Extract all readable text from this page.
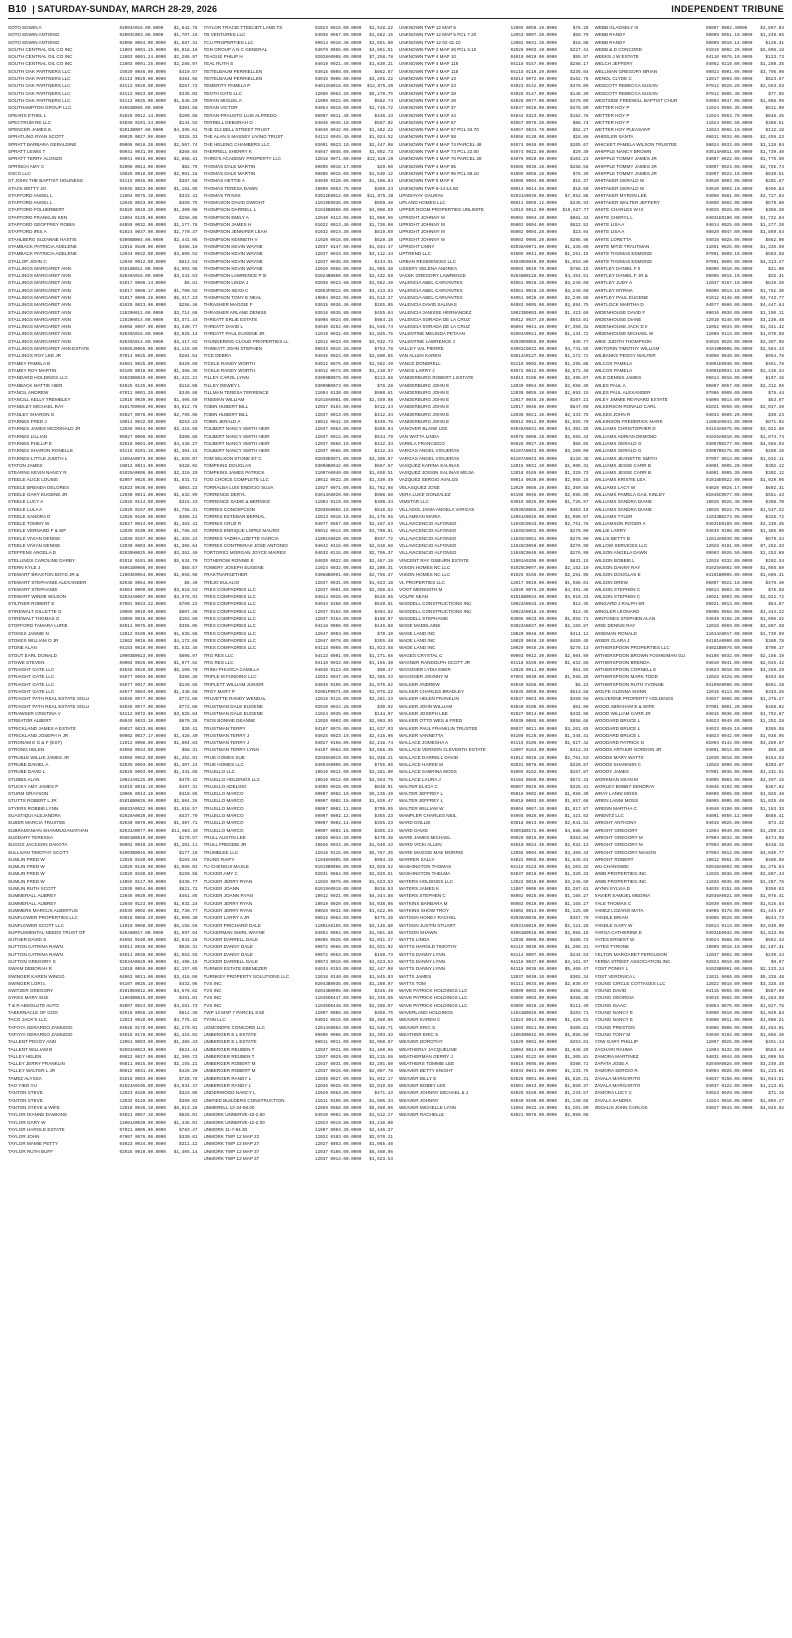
B10 | SATURDAY-SUNDAY, MARCH 28-29, 2026	INDEPENDENT TRIBUNE
SOTO EDWIN A	02004A016.00.0000	$1,642.78
SOTO EDWIN ANTONIO	02003C003.00.0000	$1,707.16
SOTO EDWIN ANTONIO	02008 0054.00.0000	$1,687.41
SOUTH CENTRAL OIL CO INC	11003 0001.15.0000	$6,018.16
SOUTH CENTRAL OIL CO INC	11003 0001.24.0000	$2,286.97
SOUTH CENTRAL OIL CO INC	11003 0001.25.0000	$2,286.97
SOUTH OAK PARTNERS LLC	15020 0046.00.0000	$419.57
SOUTH OAK PARTNERS LLC	04113 0029.00.0000	$484.56
SOUTH OAK PARTNERS LLC	04113 0028.00.0000	$257.72
SOUTH OAK PARTNERS LLC	04113 0023.00.0000	$335.03
SOUTH OAK PARTNERS LLC	04113 0025.00.0000	$1,546.29
SOUTHAMPTON GROUP LLC	04053B066.00.0000	$304.58
SPEARS ETHEL L	01029 0012.14.0000	$100.86
SPECTRUM RE LLC	04030 0101.24.0000	$144.52
SPENCER JAMES E.	02013B007.00.0000	$4,395.61
SPRATLING RYAN SCOTT	09029 0027.00.0000	$328.33
SPRATT BARBARA GERALDINE	09006 0018.20.0000	$2,507.74
SPRATT LEWIS T	09041 0031.00.0000	$368.94
SPRATT TERRY ALONZO	09041 0016.00.0000	$2,868.41
SPRINCH AMY C	02008 0014.00.0000	$82.76
SSCG LLC	15026 0018.00.0000	$2,001.18
ST JOHN THE BAPTIST HOLINESS	04115 0016.00.0000	$387.58
STACK BETTY JO	04045 0023.00.0000	$1,164.95
STAFFORD ANGEL L	11004 0075.10.0000	$333.41
STAFFORD ANGEL L	12045 0023.00.0000	$459.75
STAFFORD FOLHERBERT	01029 0019.20.0000	$1,300.06
STAFFORD FRANKLIN KEN	11004 0125.00.0000	$256.88
STAFFORD GEOFFREY ROBIN	04050 0032.00.0000	$1,177.78
STAFFORD IRIS A	01024 0037.00.0000	$2,770.37
STAHLBERG SUZANNE HASTIE	03008B004.00.0000	$2,441.05
STAMBACK PATRICIA ADELENE	12018 0180.00.0000	$488.10
STAMBACK PATRICIA ADELENE	12044 0032.00.0000	$3,809.52
STALLOP JOHN C	12049 0012.00.0000	$812.54
STALLINGS MARGARET ANN	01018B011.00.0000	$4,903.98
STALLINGS MARGARET ANN	02049A016.00.0000	$3,243.53
STALLINGS MARGARET ANN	01017 0006.14.0000	$5.81
STALLINGS MARGARET ANN	01017 0006.17.0000	$1,700.52
STALLINGS MARGARET ANN	01017 0006.20.0000	$5,317.23
STALLINGS MARGARET ANN	01029 0023.00.0000	$256.46
STALLINGS MARGARET ANN	11020H011.00.0000	$3,714.68
STALLINGS MARGARET ANN	11020H014.00.0000	$3,371.44
STALLINGS MARGARET ANN	04068 0007.00.0000	$4,330.77
STALLINGS MARGARET ANN	02049A016.00.0000	$3,025.14
STALLINGS MARGARET ANN	02049A014.00.0000	$3,417.62
STALLINGS MARGARET ANN ESTATE	04065J0065.00.0000	$4,119.69
STALLINGS ROY LEE JR	07014 0025.00.0000	$284.54
STAMEY PAMELA B	04061 0025.00.0000	$429.69
STAMEY ROY MARTIN	04105 0018.00.0000	$1,368.35
STANDARD HOLDINGS LLC	04033B0019.00.0000	$1,422.21
STANBACK MATTIE HIER	04025 0125.00.0000	$118.08
STANCIL ANDREW	07011 0001.20.0000	$349.86
STANCILL KELLY TREMBLEY	12018 0039.00.0000	$1,406.60
STANDLEY MICHAEL RAY	01017D0050.00.0000	$4,812.76
STANLEY SHARON G	04027 0076.00.0000	$2,795.98
STARNES FRED J	10014 0032.00.0000	$253.23
STARNES JAMES MCDONALD JR	12049 0044.00.0000	$2,416.68
STARNES LILLIAN	06027 0008.00.0000	$308.88
STARNES PHILLIP E	02019 0001.00.0000	$4,438.27
STARNES SHARON RONELLE	04116 0101.16.0000	$1,304.15
STARNES-LITTLE JUDITH L	11004A0073.00.0000	$1,659.07
STATON JAMES	10012 0041.00.0000	$428.02
STEARNS KEVIN NANCY R	01025A0006.00.0000	$2,310.29
STEELE ALICE LOUISE	02007 0026.00.0000	$1,631.72
STEELE BRENDA DELORES	01023 0036.00.0000	$803.22
STEELE GARY EUGENE JR	12030 0011.00.0000	$1,632.99
STEELE LUCY A	12028 0114.00.0000	$315.43
STEELE LULA A	12029 0157.00.0000	$1,756.31
STEELE SANDRA D	12028 0160.00.0000	$408.12
STEELE TOMMY W	02027 0044.00.0000	$1,383.41
STEELE VERNARD F & WF	12039 0109.00.0000	$1,766.83
STEELE VIVIAN DENISE	12030 0167.00.0000	$1,455.24
STEELE VIVIAN DENISE	12030 0003.00.0000	$1,308.64
STEFFENS ANGELA D	02039H0025.00.0000	$3,362.49
STELLINGS CAROLINE DARBY	01018 0101.00.0000	$5,634.70
STERN KYLE J	04061B0006.00.0000	$68.57
STEWART BRAXTON BOYD JR &	11004E0064.00.0000	$1,058.98
STEWART STEPHANIE ALEXANDER	02038 0054.00.0000	$8.49
STEWART STEPHANIE	04064 0099.00.0000	$3,610.53
STEWART WINDE WILSON	02034A0067.00.0000	$3,978.91
STILTNER ROBERT E	07001 0033.22.0000	$700.23
STIREWALT GILLETTE G	10009 0010.00.0000	$607.46
STIREWALT THOMAS G	10009 0016.00.0000	$103.80
STOFFORD TAMARA LURIE	04011 0075.00.0000	$356.05
STOKES JANNIE N	12012 0109.00.0000	$1,635.68
STOKES WILLIAM O JR	12062 0018.00.0000	$4,172.68
STONE ALAN	04153 0019.00.0000	$1,532.48
STOUT EARL DONALD	10003B0023.00.0000	$806.97
STOWE STEVEN	09002 0026.00.0000	$1,977.52
STRAIGHT GATE LLC	04046 0028.00.0000	$6,100.70
STRAIGHT GATE LLC	04077 0003.00.0000	$398.38
STRAIGHT GATE LLC	04077 0017.00.0000	$149.65
STRAIGHT GATE LLC	04077 0004.00.0000	$1,348.58
STRAIGHT PATH REAL ESTATE SOLU	04046 0077.00.0000	$772.08
STRAIGHT PATH REAL ESTATE SOLU	04046 0077.00.0000	$772.08
STRAWSER CRISTINA V	04112 0072.00.0000	$3,625.84
STREATOR ALBERT	08049 0033.10.0000	$670.26
STRICKLAND JAMES A ESTATE	09027 0023.00.0000	$30.41
STRICKLAND JOSEPH H JR	09002 0027.17.0000	$1,428.40
STRONAM E G & F (EST)	11012 0008.00.0000	$1,804.83
STRONG HELEN	04056 0034.00.0000	$58.31
STRUBLE WILLIE JAMES JR	04056 0052.00.0000	$1,452.91
STRUBE DANIEL A	02035 0003.00.0000	$1,407.24
STRUBE DAVID L	02029 0003.00.0000	$1,341.65
STUBBS ALAN	10021A0125.00.0000	$479.42
STUCKY AMY JAMES P	01019 0018.10.0000	$497.31
STURM GRAYSON	10005 0014.10.0000	$410.65
STUTTS ROBERT L JR	01016B0026.00.0000	$2,804.28
STYERS ROBBIE LYNN	06033A0022.00.0000	$1,616.57
SUASTIQUI ALEJANDRA	02029A0020.00.0000	$437.79
SUBER MARCIA TRUSTEE	02030 0079.00.0000	$1,307.71
SUBRAMANIAN SHANMUGANATHAN	02031A0077.00.0000	$11,083.10
SUDDARY TERESSA	05061B0010.00.0000	$170.57
SUGGS JACKSON DAKOTA	06002 0010.20.0000	$1,201.11
SULLIVAN TIMOTHY SCOTT	02003B0045.00.0000	$177.16
SUMLIN FRED W	12029 0150.00.0000	$103.04
SUMLIN FRED W	12029 0148.00.0000	$2,069.03
SUMLIN FRED W	12029 0150.50.0000	$150.58
SUMLIN FRED W	14055 0117.00.0000	$438.77
SUMLIN RUTH SCOTT	12036 0054.00.0000	$821.72
SUMMERALL AUBREY	12049 0039.00.0000	$461.85
SUMMERALL AUBREY	12049 0123.00.0000	$1,932.24
SUMMERS MARCUS ALBERTUS	04039 0002.00.0000	$2,730.77
SUNFLOWER PROPERTIES LLC	03018 0058.20.0000	$1,000.30
SUNFLOWER SCOTT LLC	11019 0008.00.0000	$6,158.56
SUPPLEMENTAL NEEDS TRUST OF	02048B017.00.0000	$1,997.64
SUTHER DAVID S	04092 0109.00.0000	$2,043.28
SUTTON CATRINA RAWN	04014 0028.00.0000	$928.31
SUTTON CATRINA RAWN	04014 0038.00.0000	$1,083.55
SUTTON GREGORY S	02034A0029.00.0000	$2,498.15
SWAIM DEBORAH R	12010 0050.00.0000	$2,157.05
SWINGER KAREN WINGO	04003 0011.00.0000	$3,416.06
SWINGER LORI L	04107 0025.10.0000	$432.96
SWITZER GREGORY	01019E0012.00.0000	$4,676.62
SYKES MARY SUE	11004B0015.00.0000	$491.01
T & R ABSOLUTE AUTO	02007 0024.00.0000	$4,281.73
TABERNACLE OF GOD	02016 0058.10.0000	$814.36
TACO JACK'S LLC	12023 0028.00.0000	$4,776.42
TAFOYA GERARDO ZAMUDIO	04026 0178.00.0000	$2,270.01
TAFOYA GERARDO ZAMUDIO	04018 0178.00.0000	$2,416.02
TALLENT PEGGY ANN	12051 0003.00.0000	$1,306.43
TALLENT WILLIAM B	02063A0023.00.0000	$624.44
TALLEY HELEN	09022 0027.00.0000	$2,309.73
TALLEY JERRY FRANKLIN	06011 0015.00.0000	$2,155.21
TALLEY WALTER L JR	06012 0031.40.0000	$426.20
TAMEZ ALYSSA	01018 0003.00.0000	$720.78
TAO YIBO YU	01023A0105.00.0000	$4,934.47
TANTON STEVE	12023 0150.00.0000	$323.06
TANTON STEVE	12032 0110.00.0000	$360.02
TANTON STEVE & WIFE	12016 0036.10.0000	$8,813.28
TAYLOR DIANNE DAWKINS	04021 0057.10.0000	$625.01
TAYLOR GARY W	12001A0030.00.0000	$1,445.01
TAYLOR HAROLD ESTATE	07021 0005.00.0000	$783.47
TAYLOR JOHN	07007 0076.00.0000	$330.81
TAYLOR MAMIE PETTY	04023 0034.00.0000	$311.12
TAYLOR RUTH BUFF	02028 0010.00.0000	$1,405.14
TAYLOR TRACIE TTEE/JDT LAND TS	01023 0016.00.0000	$1,528.22
TB VENTURES LLC	04038 0067.00.0000	$1,682.15
TCU PROPERTIES LLC	09014 0018.40.0000	$2,651.98
TDN GROUP A N C GENERAL	04079 0055.00.0000	$3,861.51
TEAGUE PHILIP H	02028A0008.00.0000	$7,258.78
TEAL RUTH S	04019 0021.40.0000	$1,830.21
TEITELBAUM PERRIELLEN	03015 0008.00.0000	$862.87
TEITELBAUM PERRIELLEN	03015 0008.00.0000	$3,455.22
TEMERITY PAMELA P	04013A0018.00.0000	$12,675.85
TENTH GATE LLC	12060 0062.20.0000	$5,270.75
TERAN MIGUEL A	11008 0022.00.0000	$582.74
TERAN VICTOR	04054 0018.00.0000	$1,746.72
TERAN-FRAUSTO LUIS ALFREDO	06007 0011.40.0000	$436.13
TERRELL DEBORAH O	04046 0045.10.0000	$587.02
THE 312 BELL STREET TRUST	04040 0042.00.0000	$1,462.22
THE ALAN S MASSEY LIVING TRUST	04113 0045.40.0000	$1,024.52
THE HELENG CHAMBERS LLC	03001 0023.10.0000	$2,447.08
THERRELL SHERRY K	04047 0046.00.0000	$1,992.73
THIRD'S ACADEMY PROPERTY LLC	12018 0071.00.0000	$12,520.26
THOMAS DALE MARTIN	09005 0018.17.0000	$29.50
THOMAS DALE MARTIN	09005 0015.00.0000	$1,540.12
THOMAS HETTIE A	04040 0220.00.0000	$1,108.84
THOMAS TERESA DAWN	10008 0063.70.0000	$369.24
THOMAS TRAVIS	03012E0012.00.0000	$11,875.28
THOMASON DAVID DWIGHT	11019E0036.00.0000	$659.48
THOMPSON DARRELL L	01019B0050.00.0000	$4,008.59
THOMPSON EMILY A	12040 0113.00.0000	$1,060.56
THOMPSON JAMES H	01022 0013.40.0000	$1,720.08
THOMPSON JENNIFER LEAH	01032 0014.30.0000	$819.69
THOMPSON KENNETH V	11020 0018.00.0000	$629.10
THOMPSON KEVIN WAYNE	12037 0147.00.0000	$1,834.47
THOMPSON KEVIN WAYNE	12037 0034.00.0000	$3,112.44
THOMPSON KEVIN WAYNE	12037 0036.00.0000	$134.01
THOMPSON KEVIN WAYNE	12020 0068.00.0000	$1,065.48
THOMPSON LAWRENCE P III	01024B0000.00.0000	$3,432.58
THOMPSON LINDA J	02038 0023.50.0000	$1,562.49
THOMPSON SEAN C	02053F0012.00.0000	$4,413.83
THOMPSON TONY E NEAL	10004 0032.00.0000	$1,512.27
THRASHER MAGGIE F	03015 0036.40.0000	$265.05
THRASHER ARLANE DENISE	03016 0036.80.0000	$455.64
THREATT ERLIE ESTATE	04008 0024.00.0000	$984.15
THREATT DAVID L	04040 0252.00.0000	$1,548.74
THREATT PAUL EUGENE JR	11019 0032.00.0000	$1,845.75
THUNDERING CLOUD PROPERTIES LL	12012 0033.00.0000	$3,932.73
THWEATT JOHN STEPHEN	05033 0016.20.0000	$753.78
TICE DEBRA	04045 0024.00.0000	$3,600.85
TICKLE RANDY WORTH	04012 0076.00.0000	$1,562.49
TICKLE RANDY WORTH	04012 0074.00.0000	$1,210.57
TILLEY CAROL LYNN	03009B0075.00.0000	$213.88
TILLEY DEWEY L	03009B0073.00.0000	$78.28
TILLMAN TERESA TERRENCE	11004 0130.00.0000	$980.61
TINSMAN WILLIAM	01018A0081.00.0000	$2,459.08
TOBIN HUBERT BILL	12037 0154.00.0000	$412.34
TOBIN HUBERT BILL	12037 0013.00.0000	$412.34
TOBIN JERALD A	10012 0042.20.0000	$349.76
TOLBERT NANCY SMITH HEIR	12037 0063.00.0000	$288.64
TOLBERT NANCY SMITH HEIR	12037 0012.00.0000	$534.79
TOLBERT NANCY SMITH HEIR	12037 0068.10.0000	$412.34
TOLBERT NANCY SMITH HEIR	12037 0065.00.0000	$412.34
TOM WILSON STONE ET C	02039E0071.00.0000	$3,306.67
TOMPKINS DOUGLAS	03008B0042.00.0000	$687.57
TOMPKINS JAMES PATRICK	11007A0040.00.0000	$1,650.51
TOO CHOICE COMPLETE LLC	10012 0022.30.0000	$1,330.49
TORRALBA LUIS ENDICIO SILVA	12027 0071.00.0000	$1,762.98
TORRENCE DERYL	04014A0020.00.0000	$908.68
TORRENCE SADIE & BERNICE	11004 0119.00.0000	$306.34
TORRES CONCEPCION	02039A0068.10.0000	$816.52
TORRES ESTEBAN BERNAL	12013 0018.10.0000	$1,176.56
TORRES CRUZ R	04077 0057.00.0000	$2,197.53
TORRES ENRIQUE LOPEZ MAURO	05012 0014.00.0000	$4,708.81
TORRES YADIRA LIZETTE GARCIA	11001A0020.00.0000	$937.72
TORRES CONTRERAS JOSE ANTONIO	04042 0116.00.0000	$2,810.68
TORTORICI MORGAN JOYCE MAIRES	04033 0116.00.0000	$2,796.37
TOTHEROW RONNIE E	04020 0022.00.0000	$2,467.19
TOWERY JOSEPH EUGENE	11024 0032.00.0000	$2,280.31
TRAKTNARGETHER	04068B0091.00.0000	$2,756.37
TREJO EULALIO	12037 0031.00.0000	$1,623.18
TRES COMPADRES LLC	12037 0001.00.0000	$2,356.64
TRES COMPADRES LLC	04014 0026.00.0000	$528.86
TRES COMPADRES LLC	04044 0350.00.0000	$549.81
TRES COMPADRES LLC	12037 0162.00.0000	$404.82
TRES COMPADRES LLC	12037 0164.00.0000	$108.97
TRES COMPADRES LLC	04118 0006.00.0000	$146.68
TRES COMPADRES LLC	12047 0003.00.0000	$70.19
TRES COMPADRES LLC	12047 0076.00.0000	$355.48
TRES COMPADRES LLC	04113 0009.00.0000	$1,023.58
TRG RES LLC	04113 0001.00.0000	$1,271.66
TRG RES LLC	04118 0032.00.0000	$1,156.38
TRINH PHUOCA CAMILLA	04040 0123.00.0000	$90.47
TRIPLE M FUNDING LLC	12032 0047.00.0000	$2,356.33
TRIPLETT WILLIAM JUNIOR	04048 0106.00.0000	$1,976.82
TROY MARY P	02001P0071.00.0000	$1,076.22
TRUVETTE RANDY WENDAL	12018 0115.00.0000	$2,281.23
TRUSTMAN DALE EUGENE	02010 0034.20.0000	$30.92
TRUSTMAN DALE EUGENE	11024 0035.00.0000	$144.97
TSOS BONNIE DEANNE	11020 0003.00.0000	$2,903.55
TRUSTMAN TERRY	04107 0075.00.0000	$1,637.93
TRUSTMAN TERRY J	04025 0023.10.0000	$2,416.06
TRUSTMAN TERRY J	04027 0198.00.0000	$2,218.74
TRUSTMAN TERRY LYNN	04107 0063.00.0000	$3,656.35
TRUE COMES SUE	02038A0019.00.0000	$1,948.21
TRUE HOMES LLC	04064A0006.00.0000	$755.66
TRUJILLO LLC	10016 0011.00.0000	$3,281.00
TRUJILLO HOLDINGS LLC	10016 0012.00.0000	$4,563.75
TRUJILLO ADELINO	04005 0026.00.0000	$840.01
TRUJILLO MARCO	09007 0002.10.0000	$5,235.49
TRUJILLO MARCO	09007 0002.10.0000	$1,020.47
TRUJILLO MARCO	09007 0002.11.0000	$709.95
TRUJILLO MARCO	09007 0002.12.0000	$355.23
TRUJILLO MARCO	09007 0002.14.0000	$355.23
TRUJILLO MARCO	09007 0002.15.0000	$355.23
TRULL AUSTIN LEE	10026 0034.20.0000	$470.38
TRULL FREDDIE JR	10026 0034.30.0000	$1,640.43
TRUMBLEE LLC	12018 0115.00.0000	$5,787.35
TSUNG RAIFY	11048A0005.00.0000	$904.19
TU CHENGUI MAXLE	01019B0096.00.0000	$3,029.52
TUCKER AMY C	02031 0084.00.0000	$2,029.51
TUCKER JERRY RYAN	11020 0076.00.0000	$1,623.53
TUCKER JOANN	01019A0019.00.0000	$818.63
TUCKER JOANN RYAN	10012 0021.00.0000	$4,344.88
TUCKER JERRY RYAN	10019 0020.00.0000	$4,038.06
TUCKER JERRY RYAN	09028 0032.00.0000	$1,622.95
TUCKER LARRY A JR	05012 0063.00.0000	$475.26
TUCKER PRICHARD DALE	11001A0155.00.0000	$3,146.80
TUCKERMAN SHIRL WAYNE	04052 0004.00.0000	$1,881.86
TUCKER DARRELL DALE	09095 0026.00.0000	$1,031.27
TUCKER DANNY DALE	09072 0066.00.0000	$1,021.02
TUCKER DANNY DALE	09072 0053.00.0000	$189.73
TUCKER DARRELL DALE	09073 0016.00.0000	$1,623.53
TURNER ESTATE EBENEZER	04034 0153.00.0000	$2,447.08
TURNKEY PROPERTY SOLUTIONS LLC	12018 0140.00.0000	$1,845.03
TVS INC	02043B0036.00.0000	$1,260.97
TVS INC	02043B0005.00.0000	$346.49
TVS INC	11045D0447.00.0000	$2,346.65
TVS INC	11045D0448.00.0000	$2,286.97
TWP 12 MAP 7 PARCEL 8.50	12007 0008.50.0000	$358.75
TYNN LLC	04032 0016.00.0000	$5,460.96
UGMONDFE CONCORD LLC	12014A0084.00.0000	$1,540.71
UMBERGER E L ESTATE	06006 0006.00.0000	$1,403.33
UMBERGER E L ESTATE	06011 0011.00.0000	$2,050.97
UMBERGER REUBEN T	12037 0021.00.0000	$1,460.86
UMBERGER REUBEN T	12037 0029.00.0000	$3,215.56
UMBERGER ROBERT M	12037 0031.00.0000	$3,201.50
UMBERGER ROBERT M	12037 0016.00.0000	$2,097.78
UMBERGER RANDY L	12036 0027.00.0000	$1,042.17
UMBERGER RANDY L	12036 0026.00.0000	$2,019.58
UNDERWOOD NANCY L	12029 0063.00.0000	$471.43
UNIFIED BUILDERS CONSTRUCTION	11011 0106.00.0000	$1,805.34
UNMERELL 12-34-58.00	12059 0058.00.0000	$5,460.96
UNMORK UNNERVE-10-2.80	04010 0002.80.0000	$1,512.27
UNMORK UNNERVE-12-2.00	12023 0019.80.0000	$4,210.80
UNMORK 11-7-94.30	11007 0094.30.0000	$2,446.27
UNMORK TWP 12 MAP 22	12022 0103.00.0000	$2,070.21
UNMORK TWP 12 MAP 27	12027 0053.00.0000	$1,065.48
UNMORK TWP 12 MAP 37	12037 0106.00.0000	$5,460.96
UNMORK TWP 12 MAP 37	12037 0014.00.0000	$1,623.53
UNKNOWN TWP 12 MAP 5	12005 0059.10.0000	$78.28
UNKNOWN TWP 12 MAP 5 PCL 7.20	12053 0007.20.0000	$59.79
UNKNOWN TWP 12-02-31.10	12002 0031.10.0000	$18.88
UNKNOWN TWP 2 MAP 26 PCL 3.10	02026 0003.10.0000	$227.41
UNKNOWN TWP 4 MAP 10	04010 0010.00.0000	$55.97
UNKNOWN TWP 4 MAP 118	04118 0157.00.0000	$288.17
UNKNOWN TWP 4 MAP 118	04118 0110.20.0000	$235.04
UNKNOWN TWP 4 MAP 13	04013 0072.00.0000	$162.78
UNKNOWN TWP 4 MAP 23	04023 0142.00.0000	$476.09
UNKNOWN TWP 4 MAP 28	04028 0147.00.0000	$148.30
UNKNOWN TWP 4 MAP 28	04028 0077.00.0000	$476.09
UNKNOWN TWP 4 MAP 37	04037 0028.00.0000	$476.09
UNKNOWN TWP 4 MAP 44	04044 0323.00.0000	$182.78
UNKNOWN TWP 4 MAP 57	04057 0076.20.0000	$88.74
UNKNOWN TWP 4 MAP 57 PCL 34.70	04057 0034.70.0000	$52.27
UNKNOWN TWP 4 MAP 58	04058 0139.00.0000	$18.88
UNKNOWN TWP 4 MAP 74 PARCEL 48	04074 0048.00.0000	$205.67
UNKNOWN TWP 4 MAP 74 PCL 22.00	04074 0022.00.0000	$29.39
UNKNOWN TWP 4 MAP 76 PARCEL 28	04076 0028.00.0000	$103.23
UNKNOWN TWP 4 MAP 85	04085 0035.10.0000	$258.58
UNKNOWN TWP 4 MAP 95 PCL 58.10	04095 0058.10.0000	$78.39
UNKNOWN TWP 8 MAP 8	04008 0004.00.0000	$15.37
UNKNOWN TWP 9-14-14.50	09014 0014.50.0000	$10.50
UPADHYAY GAURAV	02031A0036.00.0000	$7,852.86
UPLAND HOMES LLC	06011 0059.12.0000	$345.93
UPPER ROOM PROPERTIES UNLIMITE	12015 0012.00.0000	$19,627.77
UPRIGHT JOHNNY M	05002 0004.10.0000	$881.44
UPRIGHT JOHNNY M	05002 0004.00.0000	$822.52
UPRIGHT JOHNNY M	05002 0004.20.0000	$23.94
UPRIGHT JOHNNY M	05002 0005.20.0000	$295.96
UPRIGHT LINNY	02038A0071.00.0000	$1,336.00
UPTREND LLC	04005 0041.00.0000	$1,251.15
URBAN RESIDENCES LLC	04046E0040.00.0000	$1,053.86
USSERY SELENA ANDREA	06003 0010.70.0000	$786.15
VACEK GREGORY LAWRENCE	02048B0126.00.0000	$4,454.51
VALENCIA ABEL CARVANTES	04051 0028.10.0000	$3,249.60
VALENCIA ABEL CARVANTES	04051 0028.10.0000	$3,249.60
VALENCIA ABEL CARVANTES	04051 0028.10.0000	$2,249.88
VALENCIA DAVID SALINAS	04083 0005.00.0000	$2,894.75
VALENCIA JANISSE HERNANDEZ	10021B0003.00.0000	$1,423.66
VALENCIA SORADA DE LA CRUZ	05012 0037.20.0000	$553.01
VALENCIA SORADA DE LA CRUZ	05004 0041.40.0000	$7,350.32
VALENTINE MELINDA PETAAN	02004A0021.00.0000	$1,134.72
VALENTINE LAWRENCE J	02039D0055.00.0000	$46.77
VALLEY VAL PIERRE	03001C0032.00.0000	$4,741.55
VAN ALLEN KAREN	03014A0127.00.0000	$1,172.72
VANCE DONDRELL	04118 0002.00.0000	$1,295.08
VANCE LARRY J	04072 0012.00.0000	$2,572.49
VANDERBURG ROBERT L ESTATE	04013 0106.00.0000	$2,495.07
VANDERBURG JOHN E	12030 0054.00.0000	$2,658.36
VANDERBURG JOHN E	12030 0055.10.0000	$2,093.15
VANDERBURG JOHN E	12017 0046.10.0000	$107.21
VANDERBURG JOHN E	12017 0046.00.0000	$647.00
VANDERBURG JOHN E	12030 0021.10.0000	$2,333.75
VANDERBURG JOHN E	06012 0012.00.0000	$1,555.70
VANOVER BLANE LEE	04045A0031.00.0000	$4,302.28
VAN WATTA LINDA	04070 0008.10.0000	$2,655.44
VARELA FRANCISCO	06026 0027.40.0000	$58.65
VARGAS ANGEL VIGUERAS	04107A0043.00.0000	$3,200.00
VARGAS ANGEL VIGUERAS	04107A0043.00.0000	$120.38
VASQUEZ KARINA SALINAS	12015 0031.10.0000	$1,905.31
VASQUEZ JOSSIN SALINAS MEJIA	12018 0165.00.0000	$1,320.73
VAZQUEZ SERGIO AVALOS	09014 0030.00.0000	$2,968.16
VELASQUEZ JOSE	12020 0086.10.0000	$2,350.58
VERA LUKE GONZALEZ	04108 0045.00.0000	$2,085.00
VIMSTAR LLC	03016 0025.00.0000	$1,726.57
VILLADOL JANIA ANGELA VARGAS	02039A0065.40.0000	$403.19
VILLAMEAN MARIA	12061A0026.00.0000	$2,096.67
VILLAVICENCIO ALFONSO	11045C0033.00.0000	$2,751.78
VILLAVICENCIO ALFONSO	11045C0052.00.0000	$276.90
VILLAVICENCIO ALFONSO	11045C0051.00.0000	$276.90
VILLAVICENCIO ALFONSO	11045C0050.00.0000	$276.90
VILLAVICENCIO ALFONSO	11045C0049.00.0000	$276.90
VINCENT RAY OSBURN ESTATE	11001A0298.00.0000	$831.15
VISION HOMES NC LLC	01025C0097.00.0000	$2,152.19
VISION HOMES NC LLC	01025 0156.00.0000	$2,281.96
VL PROPERTIES LLC	12017 0019.00.0000	$1,588.01
VOGT MEREDITH M	12049 0076.20.0000	$4,391.46
VOLPE SEAN	01018B0034.00.0000	$3,919.33
WADDELL CONSTRUCTIONS INC	10023A0033.10.0000	$12.45
WADDELL CONSTRUCTIONS INC	10023A0018.10.0000	$12.45
WADDELL STEPHANIE	03008 0033.00.0000	$1,655.71
WADE MADELAINE	03023A0037.00.0000	$2,155.87
WADE LAND INC	10020 0048.30.0000	$414.11
WADE LAND INC	10020 0048.10.0000	$459.45
WADE LAND INC	10020 0048.20.0000	$278.13
WAGES CRYSTAL C	09003 0012.30.0000	$2,804.99
WAGNER RANDOLPH SCOTT JR	04118 0150.00.0000	$1,632.55
WAGONER LYDIA EBER	12026 0011.00.0000	$51.55
WAGONER JOHNNY M	07003 0030.00.0000	$1,556.28
WALKER ANDREW	04040 0286.00.0000	$6.23
WALKER CHARLES BRADLEY	04035 0059.00.0000	$513.58
WALKER HELEN FRANKLIN	04037 0063.00.0000	$450.59
WALKER JOHN WILLIAM	04040 0100.00.0000	$61.99
WALKER JOSEPH LEE	02027 0014.00.0000	$432.96
WALKER OTTO WES & FRED	04039 0085.00.0000	$858.68
WALKER PAUL FRANKLIN TRUSTEE	06037 0011.00.0000	$3,201.65
WALKER VANNETTA	04109 0126.00.0000	$1,344.41
WALLACE JOMESHA A	04115 0106.00.0000	$1,527.42
WALLACE VERNON CLEVENTH ESTATE	12007 0183.00.0000	$412.34
WALLACE DARRELL DAVID	01012 0028.10.0000	$2,761.53
WALLACE HARKE M	02031 0078.00.0000	$320.87
WALLACE SABRINA MOSS	04005 0152.00.0000	$267.87
WALLACE LAURA J	04104 0086.00.0000	$572.33
WALTER ELICIA C	06007 0026.00.0000	$325.41
WALTER JEFFREY L	05018 0002.00.0000	$1,659.30
WALTER JEFFREY L	05018 0003.00.0000	$1,657.68
WALTER WILLIAM W	05004 0067.10.0000	$1,817.87
WAMPLER CHARLES NEIL	04066 0026.00.0000	$1,421.52
WARD DOLLIE	03018 0013.00.0000	$2,041.51
WARD DAVID	03001B0172.00.0000	$4,886.80
WARE JAMES MICHAEL	09029 0015.00.0000	$363.84
WARD VICKI ALLEN	04010 0024.40.0000	$2,032.13
WARE MAGGIE MAE MORRIS	12058 0004.00.0000	$3,469.44
WARREN SALLY	04022 0055.00.0000	$1,845.81
WASHINGTON THOMAS	04118 0123.00.0000	$3,203.42
WASHINGTON THELMA	04037 0018.00.0000	$1,329.33
WATERS HOLDINGS LLC	12022 0018.00.0000	$3,246.69
WATERS JAMES K	11007 0006.00.0000	$3,287.61
WATERS STEPHEN C	06002 0025.00.0000	$1,168.27
WATKINS BARBARA M	06002 0010.00.0000	$1,168.27
WATKINS SHOW TROY	04002 0014.00.0000	$1,125.80
WATSON HONEY RACHEL	02030A0036.00.0000	$457.70
WATSON JUSTIN STUART	02031A0019.00.0000	$2,121.28
WATSON SHAWN	04001B0018.00.0000	$2,056.18
WATTS LINDA	12038 0008.00.0000	$408.73
WATTS HAROLD TIMOTHY	04115 0030.00.0000	$1,206.31
WATTS DANNY LYNN	04114 0007.00.0000	$244.53
WATTS DANNY LYNN	04118 0037.00.0000	$3,161.97
WATTS DANNY LYNN	04118 0038.00.0000	$5,460.47
WATTS JAMES	12037 0030.10.0000	$302.34
WATTS TOM	04111 0034.00.0000	$2,039.07
WAVE PATRICK HOLDINGS LLC	03009 0002.00.0000	$456.48
WAVE PATRICK HOLDINGS LLC	03009 0003.00.0000	$456.48
WAVE PATRICK HOLDINGS LLC	03009 0028.10.0000	$111.40
WAVERLAND HOLDINGS	11041B0026.00.0000	$103.71
WEAVER KAREN C	11024 0014.00.0000	$1,426.52
WEAVER ERIC S	11003 0021.00.0000	$308.61
WEATHER ERIC S	11004B0042.00.0000	$1,056.50
WEAVER DOROTHY	11020 0091.00.0000	$253.61
WEATHERLY JACQUELINE	10004 0014.00.0000	$1,045.29
WEATHERMAN GERRY J	11004 0122.00.0000	$1,305.81
WEATHERS TOMMIE LEE	04016 0005.00.0000	$398.71
WEAVER BETTY KNIGHT	04033 0041.00.0000	$1,233.75
WEAVER BILLY E	04026 0001.00.0000	$1,626.31
WEAVER BOBBY LEE	04001 0043.00.0000	$1,059.37
WEAVER JOHNNY MICHAEL & J	04026 0159.00.0000	$1,233.57
WEAVER JOHNNY	04040 0190.00.0000	$1,140.68
WEAVER MICHELLE LYNN	11004 0032.10.0000	$3,201.00
WEAVER RACHELLE	04021 0078.00.0000	$2,059.08
WEBB GLADSELY III	06007 0002.40000	$2,897.04
WEBB RANDY	08005 0051.10.0000	$1,249.65
WEBB RANDY	08005 0010.14.0000	$120.31
WEBB & D CONCORD	01019 0002.20.0000	$2,806.18
WEEKS J W ESTATE	04110 0075.10.0000	$123.73
WELCH JEFFERY	04062 0110.00.0000	$1,280.35
WELLMAN GREGORY BRIAN	06023 0001.00.0000	$3,795.90
WENDL CLYDE C	12017 0093.00.0000	$623.67
WESCOTT REBECCA SUSAN	07012 0028.20.0000	$2,553.63
WESCOTT REBECCA SUSAN	07012 0005.40.0000	$77.95
WESTSIDE FREEWILL BAPTIST CHUR	04004 0047.00.0000	$1,086.99
WETTER HOY P	11024 0065.30.0000	$511.00
WETTER HOY P	11024 0063.70.0000	$848.45
WETTER HOY P	11024 0065.50.0000	$368.51
WETTER HOY PLEASANT	11024 0065.10.0000	$112.18
WHEELER SANTA	06011 0034.00.0000	$2,459.23
WHICKET PAMELA WILSON TRUSTEE	06024 0033.00.0000	$3,128.94
WHIPPLE NANCY BROWN	03014A0011.00.0000	$1,739.40
WHIPPLE TOMMY JAMES JR	03007 0022.00.0000	$1,776.50
WHIPPLE TOMMY JAMES JR	03007 0024.00.0000	$2,755.74
WHIPPLE TOMMY JAMES JR	03007 0024.10.0000	$639.51
WHITAKER GERALD W	04010 0003.00.0000	$201.67
WHITAKER GERALD W	04010 0003.10.0000	$496.84
WHITAKER MYRON LEE	04050 0081.00.0000	$2,727.83
WHITAKER WALTER JEFFERY	04050 0082.00.0000	$579.80
WHITE CHARLES W III	04025 0028.00.0000	$366.20
WHITE CHERYL L	04031E0190.00.0000	$1,732.84
WHITE LISA A	04014 0025.00.0000	$1,277.20
WHITE LISA A	08020 0047.00.0000	$1,869.64
WHITE LORETTA	04016 0028.00.0000	$862.90
WHITE MITZI TRAUTMAN	11051 0025.00.0000	$1,335.59
WHITE THOMAS EDMOND	07001 0009.10.0000	$583.58
WHITE THOMAS EDMOND	07001 0009.00.0000	$4,313.27
WHITLEY DANIEL F II	06006 0010.00.0000	$21.00
WHITLEY DANIEL F JR &	06006 0015.10.0000	$25.31
WHITLEY JUDY A	12037 0167.10.0000	$819.38
WHITLEY MYRNA	06006 0013.10.0000	$1,752.30
WHITLEY PAUL EUGENE	01012 0148.00.0000	$3,743.77
WHITLOCK MARTHA D	04077 0080.00.0000	$4,447.84
WIDENHOUSE DAVID F	09016 0030.00.0000	$1,190.11
WIDENHOUSE DIANE	12010 0146.00.0000	$3,230.48
WIDENHOUSE JACK D II	12052 0034.00.0000	$1,341.42
WIDENHOUSE MICHAEL W	12008 0113.00.0000	$1,070.69
WIKE JUDITH THOMPSON	04028 0020.00.0000	$2,397.96
WIKTORIN TIMOTHY WILLIAM	01019B0005.00.0000	$2,584.43
WILBANKS PEGGY WALTER	04050 0040.00.0000	$954.76
WILCOX PAMELA	04001E0030.00.0000	$461.78
WILCOX PAMELA	04001E0034.10.0000	$2,210.34
WILD DENNIS JAMES	06014 0018.00.0000	$197.15
WILES PAUL A	05007 0057.00.0000	$2,312.96
WILES PAUL ALEXANDER	07006 0009.00.0000	$76.44
WILEY JIMMIE REYNARD ESTATE	04006 0014.00.0000	$53.97
WILKERSON RONALD CARL	02021 0050.00.0000	$3,037.39
WILKES JOHN R	04034 0089.20.0000	$30.24
WILKINSON FREDERICK MARK	11004A0043.00.0000	$871.92
WILLIAMS CHRISTOPHER D	04153A0075.00.0000	$3,022.50
WILLIAMS ADRIAN DEMOND	01025A0010.00.0000	$1,074.74
WILLIAMS GERALD G	03007B0277.00.0000	$4,586.93
WILLIAMS GERALD G	03007B0278.00.0000	$260.16
WILLIAMS JEANETTE SMITH	07007 0013.00.0000	$1,632.11
WILLIAMS JESSE CARR B	04001 0005.20.0000	$302.12
WILLIAMS JESSE CARR B	04001 0005.30.0000	$302.12
WILLIAMS KRISTIE LEA	01018E0022.00.0000	$1,029.96
WILLIAMS LACY W	04020 0028.17.0000	$602.31
WILLIAMS PAMELA GAIL KINLEY	02045C0077.00.0000	$551.43
WILLIAMS SANDRA DIANE	10026 0026.40.0000	$308.70
WILLIAMS SANDRA DIANE	10026 0024.70.0000	$1,537.22
WILLIAMS TYLER	11033B0274.00.0000	$326.72
WILLIAMSON ROGER A	04031E0189.00.0000	$2,339.35
WILLIE LARRY	04039 0108.00.0000	$1,385.90
WILLIS BETTY B	12014A0039.00.0000	$679.34
WILLOW SERVICES LLC	12028 0181.00.0000	$7,282.33
WILSON ANGELA DAWN	09003 0026.50.0000	$1,253.89
WILSON BOBBIE L	12028 0332.00.0000	$202.34
WILSON DANNY RAY	01025A0082.00.0000	$1,056.89
WILSON DOUGLAS E	04101B0005.00.0000	$1,608.31
WILSON DREW	06007 0022.10.0000	$479.40
WILSON STEPHEN C	06014 0003.40.0000	$76.58
WILSON STEPHEN C	10021 0003.00.0000	$2,022.72
WINGARD J RALPH SR	06021 0013.00.0000	$84.87
WINGLER LEONARD	05008 0058.00.0000	$1,344.22
WINTONES STEPHEN ALAN	04049 0168.20.0000	$1,096.32
WISE DENNIS RAY	12028 0069.00.0000	$3,807.38
WISEMAN RONALD	11014A0017.00.0000	$1,739.99
WISER CLARA J	04101A0009.00.0000	$380.78
WITHERSPOON PROPERTIES LLC	04021B0076.00.0000	$790.17
WITHERSPOON BROWN FOSHEIMAN GLI	04106 0032.00.0000	$2,156.19
WITHERSPOON BRENDA	04010 0041.00.0000	$2,025.42
WITHERSPOON CORNELL E	04023 0010.00.0000	$3,259.29
WITHERSPOON MARK TODD	12028 0328.00.0000	$453.58
WITHERSPOON RUTH YVONNE	04109A0006.00.0000	$861.18
WOLFE GLENNA SHINN	12018 0113.00.0000	$343.25
WOLVERINE PROPERTY HOLDINGS	04027 0085.00.0000	$1,376.27
WOOD ABRAHAM E & WIFE	07001 0001.20.0000	$488.82
WOOD WILLIAM CARR JR	04015 0036.00.0000	$1,792.67
WOODARD BRUCE L	04023 0049.00.0000	$1,252.28
WOODARD BRUCE L	04023 0049.10.0000	$365.58
WOODARD BRUCE L	04023 0042.00.0000	$1,038.95
WOODARD PATRICK D	02003 0144.00.0000	$3,289.87
WOODS ARTHUR GORDON JR	04001 0014.00.0000	$59.10
WOODS MARY WATTS	12030 0018.00.0000	$154.63
WOODS SHANNON C	12028 0099.00.0000	$303.87
WOODY JAMES	07001 0036.00.0000	$1,331.51
WORKMAN SEAN M	04005 0003.00.0000	$3,497.15
WORLEY BOBBY DENDRAY	04046 0103.00.0000	$367.62
WRAY LANNI MOSS	06005 0005.00.0000	$1,025.48
WREN LANNI MOSS	06005 0005.00.0000	$1,025.48
WRENN MARTHA C	04040 0190.00.0000	$1,163.33
WRENTZ LLC	04001 0056.12.0000	$888.41
WRIGHT ANTHONY	04015 0025.00.0000	$73.42
WRIGHT GREGORY	11004 0049.00.0000	$1,259.23
WRIGHT GREGORY M	07004 0034.40.0000	$474.98
WRIGHT GREGORY M	07004 0039.00.0000	$418.15
WRIGHT GREGORY MASON	07004 0012.00.0000	$4,039.77
WRIGHT ROBERT	10012 0051.30.0000	$480.98
WU CHANGWEI	02010A0003.00.0000	$3,376.64
WWB PROPERTIES INC	11026 0036.00.0000	$2,807.44
WWB PROPERTIES INC	11026 0035.00.0000	$1,207.76
WYNN SYLVIA D	04035 0151.00.0000	$350.63
XAVIER SAMUEL MEDINA	02036A0021.00.0000	$1,076.41
YALE THOMAS C	02039 0069.00.0000	$1,516.84
YAMEZ LOZANO MATA	04005 0178.00.0000	$1,444.87
YANDLE BRIAN	04005 0028.00.0000	$544.73
YANDLE GARY W	02014 0113.00.0000	$3,040.09
YARGA CATHERINE E	04031E0032.00.0000	$1,813.56
YATES ERNEST W	04024 0088.00.0000	$562.43
YATES TYRONE	10005 0018.10.0000	$2,107.31
YELTON MARGARET FERGUSON	12037 0002.00.0000	$239.44
YERBA STREET ASSOCIATION INC	02023 0019.00.0000	$9.97
YOST PONNY L	01025B0001.00.0000	$2,133.24
YOST VERONICA L	11011 0066.00.0000	$5,328.48
YOUNG CIRCLE COTTAGES LLC	12022 0018.00.0000	$3,328.48
YOUNG DAVID	04115 0055.00.0000	$587.99
YOUNG GEORGIA	04015 0082.00.0000	$1,283.89
YOUNG ISAAC	04054 0070.00.0000	$1,027.75
YOUNG NANCY E	04060 0019.00.0000	$1,029.84
YOUNG NANCY E	04060 0011.00.0000	$1,006.21
YOUNG PRESTON	04086 0006.00.0000	$1,463.01
YOUNG TONY M	04040 0194.00.0000	$1,066.46
YOW GARY PHILLIP	12007 0025.00.0000	$451.14
ZAGHARI RAHMA	11004 0132.00.0000	$583.44
ZAMORA MARTINEZ	04031 0044.00.0000	$3,009.55
ZAPATA JOSE A	02040A0026.00.0000	$3,240.35
ZAMORA SERGIO R	03004 0026.00.0000	$1,233.01
ZAVALA MARGARITO	04037 0158.00.0000	$1,044.51
ZAVALA MARGARITO	04037 0122.00.0000	$1,213.91
ZAMORA LUCY C	04023 0029.00.0000	$71.16
ZAVALA SANDRA	11024 0016.00.0000	$1,065.27
ZEDALIS JOHN CARLOS	03027 0044.00.0000	$4,025.92
